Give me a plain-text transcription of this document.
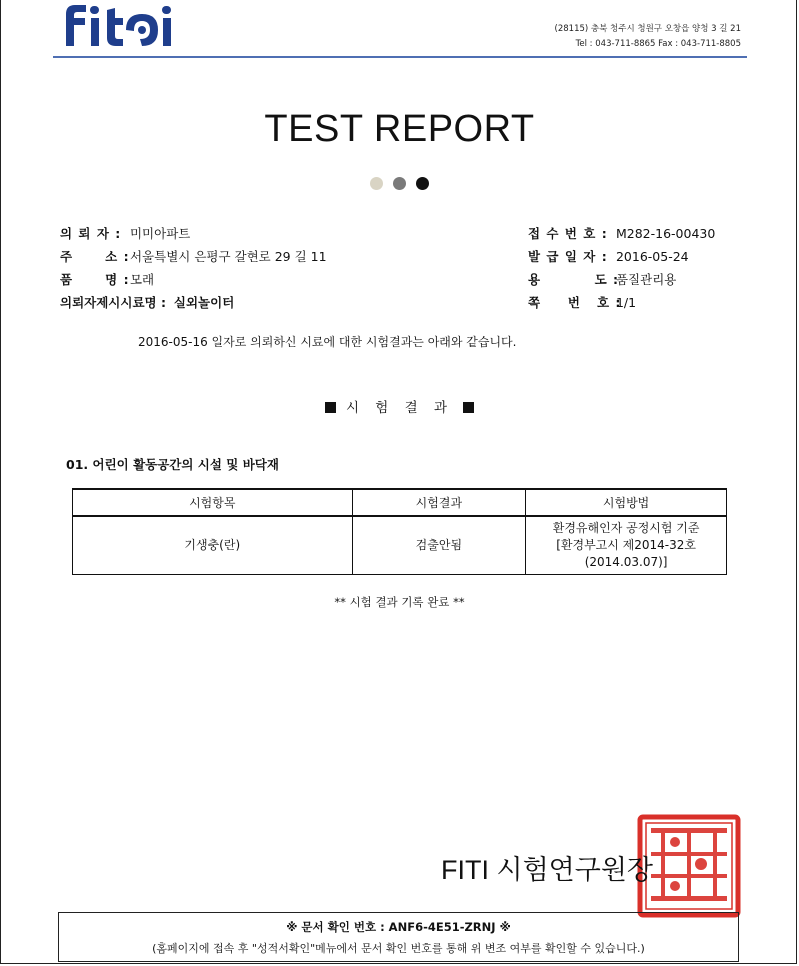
(28115) 충북 청주시 청원구 오창읍 양청 3 길 21
Tel : 043-711-8865 Fax : 043-711-8805
TEST REPORT
의 뢰 자 : 미미아파트
주      소 : 서울특별시 은평구 갈현로 29 길 11
품      명 : 모래
의뢰자제시시료명 : 실외놀이터
접 수 번 호 : M282-16-00430
발 급 일 자 : 2016-05-24
용          도 : 품질관리용
쪽     번   호 : 1/1
2016-05-16 일자로 의뢰하신 시료에 대한 시험결과는 아래와 같습니다.
시 험 결 과
01. 어린이 활동공간의 시설 및 바닥재
시험항목	시험결과	시험방법
기생충(란)	검출안됨	환경유해인자 공정시험 기준
[환경부고시 제2014-32호
(2014.03.07)]
** 시험 결과 기록 완료 **
FITI 시험연구원장
※ 문서 확인 번호 : ANF6-4E51-ZRNJ ※
(홈페이지에 접속 후 "성적서확인"메뉴에서 문서 확인 번호를 통해 위 변조 여부를 확인할 수 있습니다.)
